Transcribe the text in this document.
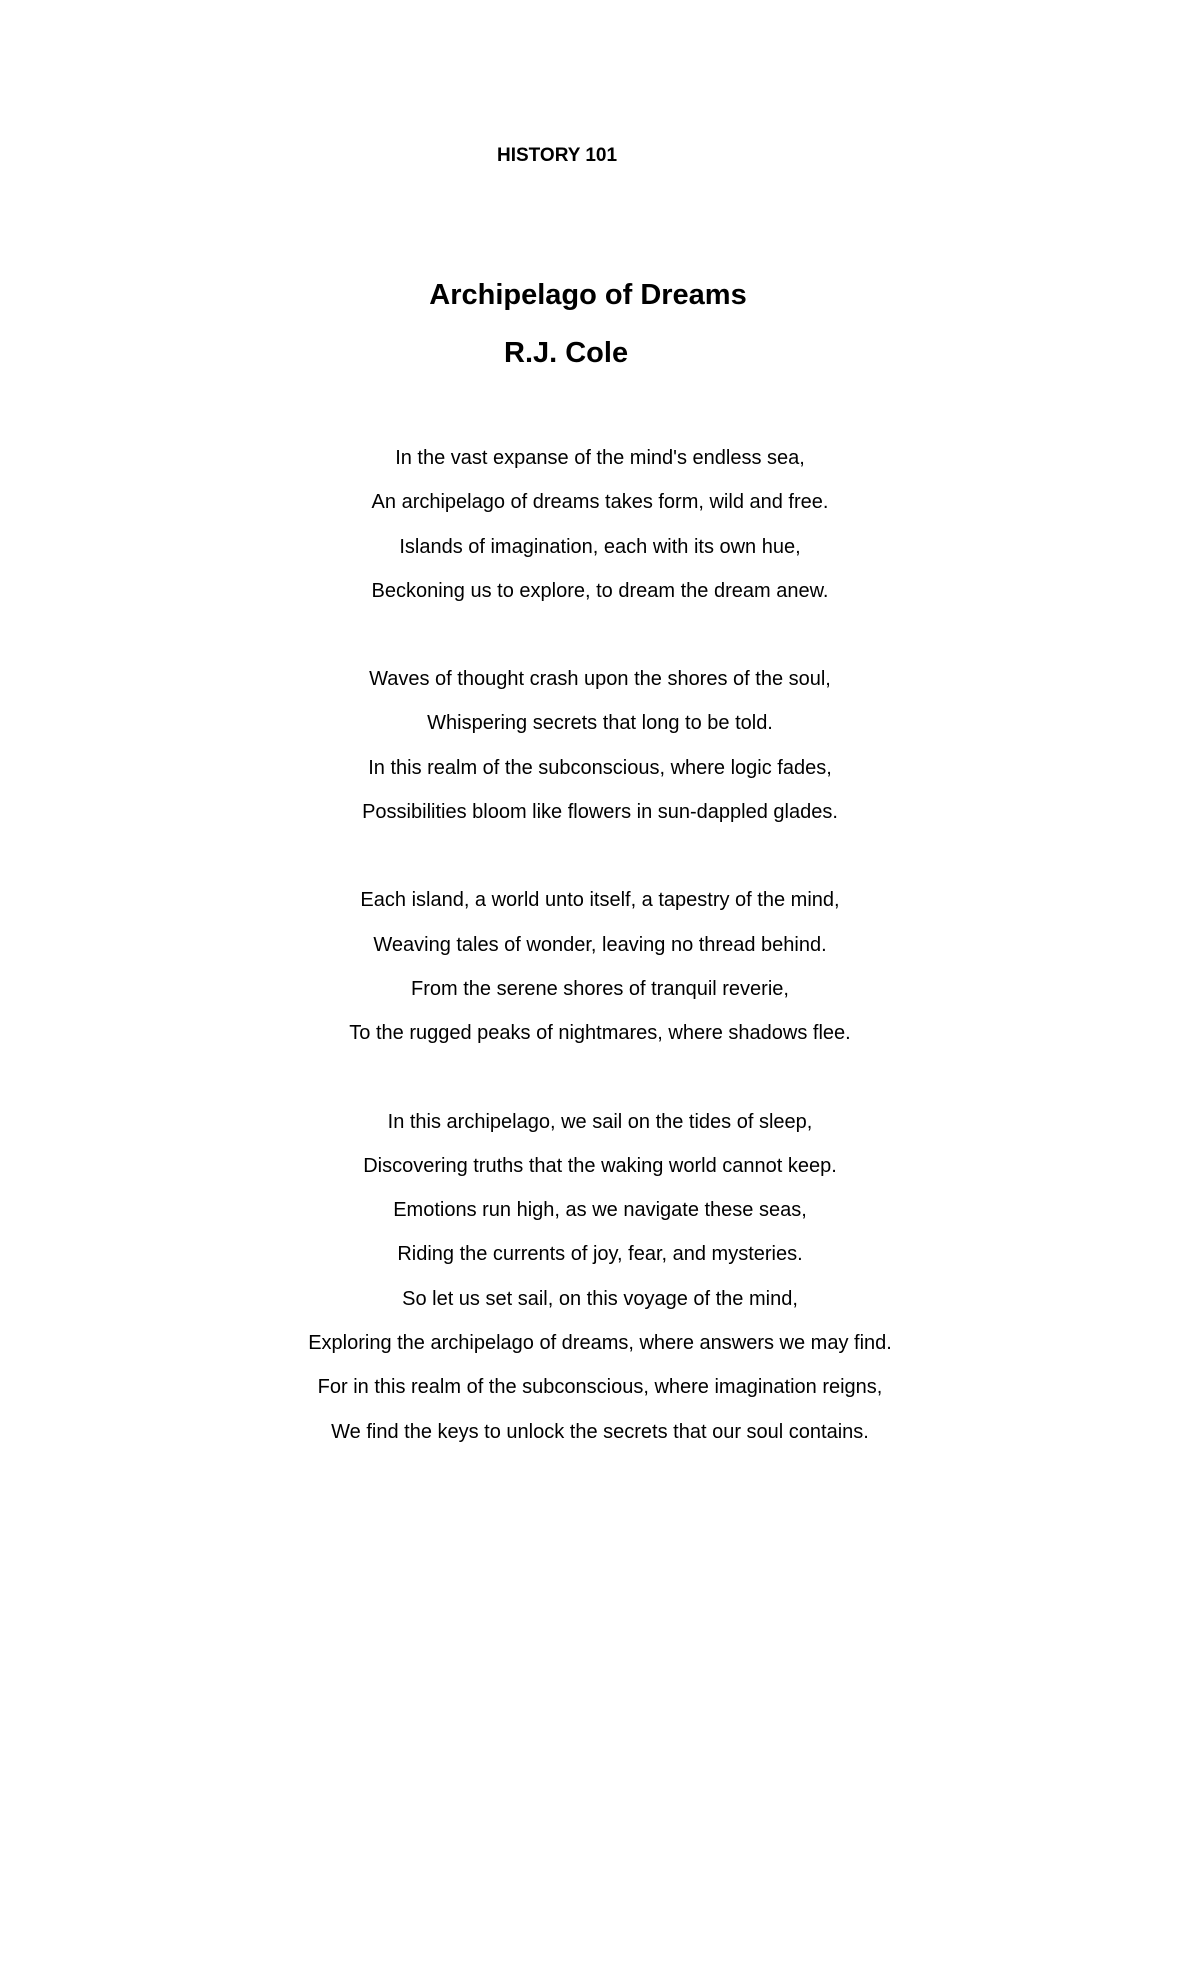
HISTORY 101

Archipelago of Dreams
R.J. Cole
In the vast expanse of the mind's endless sea,
An archipelago of dreams takes form, wild and free.
Islands of imagination, each with its own hue,
Beckoning us to explore, to dream the dream anew.
Waves of thought crash upon the shores of the soul,
Whispering secrets that long to be told.
In this realm of the subconscious, where logic fades,
Possibilities bloom like flowers in sun-dappled glades.
Each island, a world unto itself, a tapestry of the mind,
Weaving tales of wonder, leaving no thread behind.
From the serene shores of tranquil reverie,
To the rugged peaks of nightmares, where shadows flee.
In this archipelago, we sail on the tides of sleep,
Discovering truths that the waking world cannot keep.
Emotions run high, as we navigate these seas,
Riding the currents of joy, fear, and mysteries.
So let us set sail, on this voyage of the mind,
Exploring the archipelago of dreams, where answers we may find.
For in this realm of the subconscious, where imagination reigns,
We find the keys to unlock the secrets that our soul contains.
